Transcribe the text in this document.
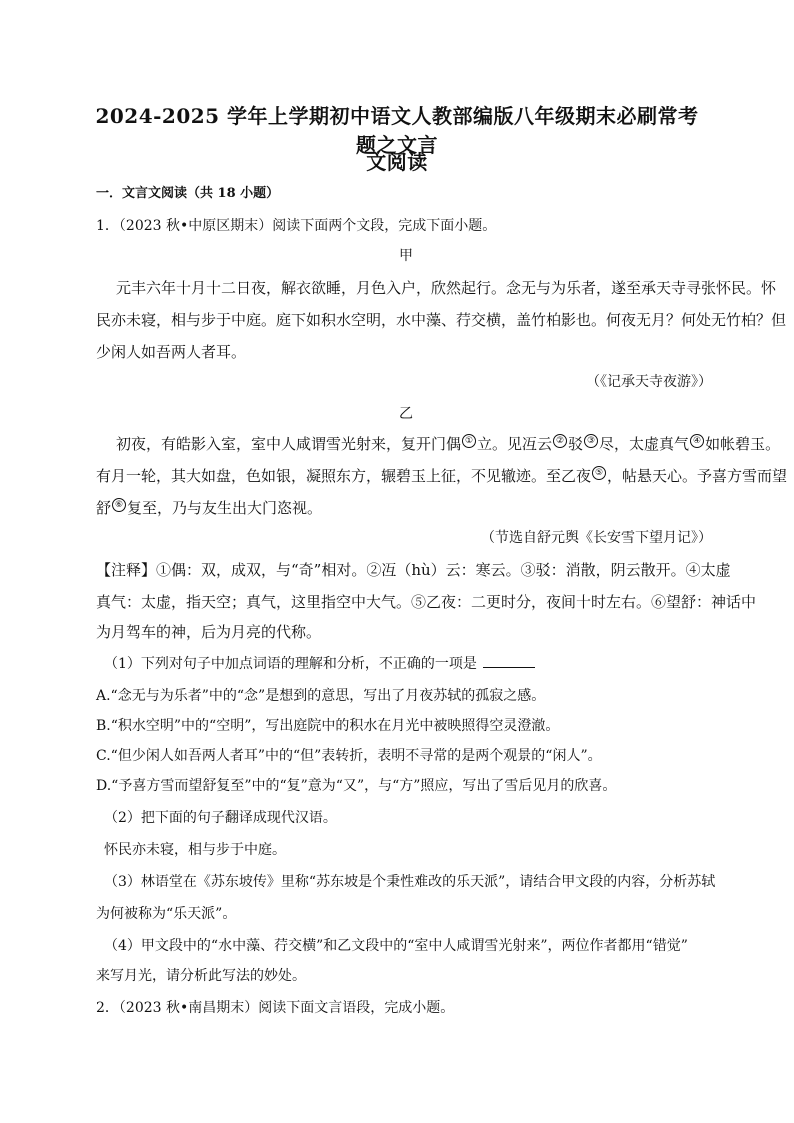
2024-2025 学年上学期初中语文人教部编版八年级期末必刷常考题之文言
文阅读
一．文言文阅读（共 18 小题）
1．（2023 秋•中原区期末）阅读下面两个文段，完成下面小题。
甲
元丰六年十月十二日夜，解衣欲睡，月色入户，欣然起行。念无与为乐者，遂至承天寺寻张怀民。怀
民亦未寝，相与步于中庭。庭下如积水空明，水中藻、荇交横，盖竹柏影也。何夜无月？何处无竹柏？但
少闲人如吾两人者耳。
（《记承天寺夜游》）
乙
初夜，有皓影入室，室中人咸谓雪光射来，复开门偶 ① 立。见冱云 ② 驳 ③ 尽，太虚真气 ④ 如帐碧玉。
有月一轮，其大如盘，色如银，凝照东方，辗碧玉上征，不见辙迹。至乙夜 ⑤ ，帖悬天心。予喜方雪而望
舒 ⑥ 复至，乃与友生出大门恣视。
（节选自舒元舆《长安雪下望月记》）
【注释】①偶：双，成双，与“奇”相对。②冱（hù）云：寒云。③驳：消散，阴云散开。④太虚
真气：太虚，指天空；真气，这里指空中大气。⑤乙夜：二更时分，夜间十时左右。⑥望舒：神话中
为月驾车的神，后为月亮的代称。
（1）下列对句子中加点词语的理解和分析，不正确的一项是
A.“念无与为乐者”中的“念”是想到的意思，写出了月夜苏轼的孤寂之感。
B.“积水空明”中的“空明”，写出庭院中的积水在月光中被映照得空灵澄澈。
C.“但少闲人如吾两人者耳”中的“但”表转折，表明不寻常的是两个观景的“闲人”。
D.“予喜方雪而望舒复至”中的“复”意为“又”，与“方”照应，写出了雪后见月的欣喜。
（2）把下面的句子翻译成现代汉语。
怀民亦未寝，相与步于中庭。
（3）林语堂在《苏东坡传》里称“苏东坡是个秉性难改的乐天派”，请结合甲文段的内容，分析苏轼
为何被称为“乐天派”。
（4）甲文段中的“水中藻、荇交横”和乙文段中的“室中人咸谓雪光射来”，两位作者都用“错觉”
来写月光，请分析此写法的妙处。
2．（2023 秋•南昌期末）阅读下面文言语段，完成小题。
